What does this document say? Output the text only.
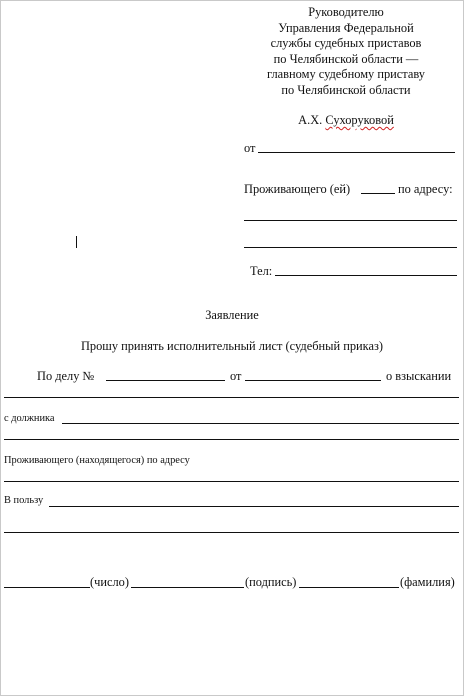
Руководителю
Управления Федеральной
службы судебных приставов
по Челябинской области —
главному судебному приставу
по Челябинской области
А.Х. Сухоруковой
от
Проживающего (ей)	по адресу:
Тел:
Заявление
Прошу принять исполнительный лист (судебный приказ)
По делу №	от	о взыскании
с должника
Проживающего (находящегося) по адресу
В пользу
(число)	(подпись)	(фамилия)
